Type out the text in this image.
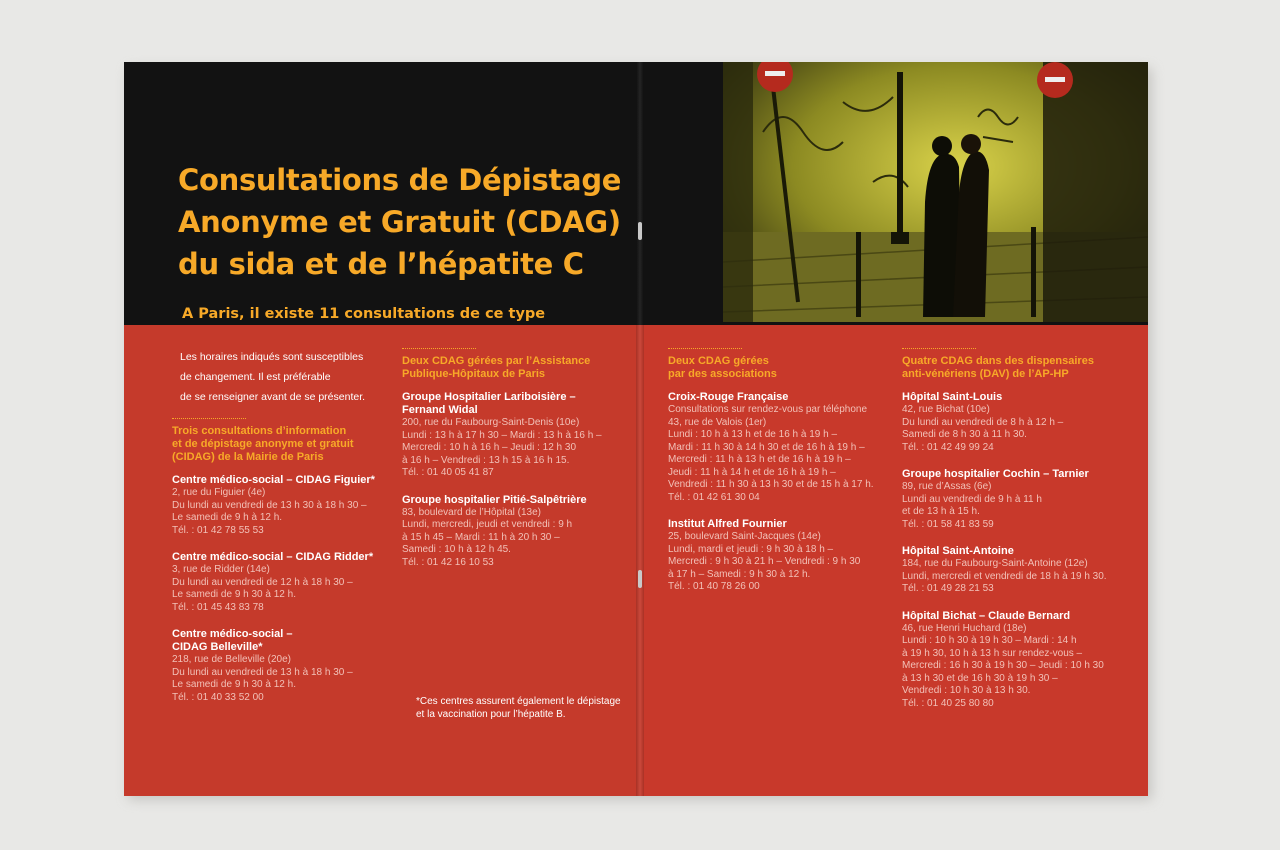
Consultations de Dépistage
Anonyme et Gratuit (CDAG)
du sida et de l’hépatite C

A Paris, il existe 11 consultations de ce type

Les horaires indiqués sont susceptibles
de changement. Il est préférable
de se renseigner avant de se présenter.
Trois consultations d’information
et de dépistage anonyme et gratuit
(CIDAG) de la Mairie de Paris
Centre médico-social – CIDAG Figuier*
2, rue du Figuier (4e)
Du lundi au vendredi de 13 h 30 à 18 h 30 –
Le samedi de 9 h à 12 h.
Tél. : 01 42 78 55 53
Centre médico-social – CIDAG Ridder*
3, rue de Ridder (14e)
Du lundi au vendredi de 12 h à 18 h 30 –
Le samedi de 9 h 30 à 12 h.
Tél. : 01 45 43 83 78
Centre médico-social –
CIDAG Belleville*
218, rue de Belleville (20e)
Du lundi au vendredi de 13 h à 18 h 30 –
Le samedi de 9 h 30 à 12 h.
Tél. : 01 40 33 52 00
Deux CDAG gérées par l’Assistance
Publique-Hôpitaux de Paris
Groupe Hospitalier Lariboisière –
Fernand Widal
200, rue du Faubourg-Saint-Denis (10e)
Lundi : 13 h à 17 h 30 – Mardi : 13 h à 16 h –
Mercredi : 10 h à 16 h – Jeudi : 12 h 30
à 16 h – Vendredi : 13 h 15 à 16 h 15.
Tél. : 01 40 05 41 87
Groupe hospitalier Pitié-Salpêtrière
83, boulevard de l’Hôpital (13e)
Lundi, mercredi, jeudi et vendredi : 9 h
à 15 h 45 – Mardi : 11 h à 20 h 30 –
Samedi : 10 h à 12 h 45.
Tél. : 01 42 16 10 53
*Ces centres assurent également le dépistage
et la vaccination pour l’hépatite B.
Deux CDAG gérées
par des associations
Croix-Rouge Française
Consultations sur rendez-vous par téléphone
43, rue de Valois (1er)
Lundi : 10 h à 13 h et de 16 h à 19 h –
Mardi : 11 h 30 à 14 h 30 et de 16 h à 19 h –
Mercredi : 11 h à 13 h et de 16 h à 19 h –
Jeudi : 11 h à 14 h et de 16 h à 19 h –
Vendredi : 11 h 30 à 13 h 30 et de 15 h à 17 h.
Tél. : 01 42 61 30 04
Institut Alfred Fournier
25, boulevard Saint-Jacques (14e)
Lundi, mardi et jeudi : 9 h 30 à 18 h –
Mercredi : 9 h 30 à 21 h – Vendredi : 9 h 30
à 17 h – Samedi : 9 h 30 à 12 h.
Tél. : 01 40 78 26 00
Quatre CDAG dans des dispensaires
anti-vénériens (DAV) de l’AP-HP
Hôpital Saint-Louis
42, rue Bichat (10e)
Du lundi au vendredi de 8 h à 12 h –
Samedi de 8 h 30 à 11 h 30.
Tél. : 01 42 49 99 24
Groupe hospitalier Cochin – Tarnier
89, rue d’Assas (6e)
Lundi au vendredi de 9 h à 11 h
et de 13 h à 15 h.
Tél. : 01 58 41 83 59
Hôpital Saint-Antoine
184, rue du Faubourg-Saint-Antoine (12e)
Lundi, mercredi et vendredi de 18 h à 19 h 30.
Tél. : 01 49 28 21 53
Hôpital Bichat – Claude Bernard
46, rue Henri Huchard (18e)
Lundi : 10 h 30 à 19 h 30 – Mardi : 14 h
à 19 h 30, 10 h à 13 h sur rendez-vous –
Mercredi : 16 h 30 à 19 h 30 – Jeudi : 10 h 30
à 13 h 30 et de 16 h 30 à 19 h 30 –
Vendredi : 10 h 30 à 13 h 30.
Tél. : 01 40 25 80 80
